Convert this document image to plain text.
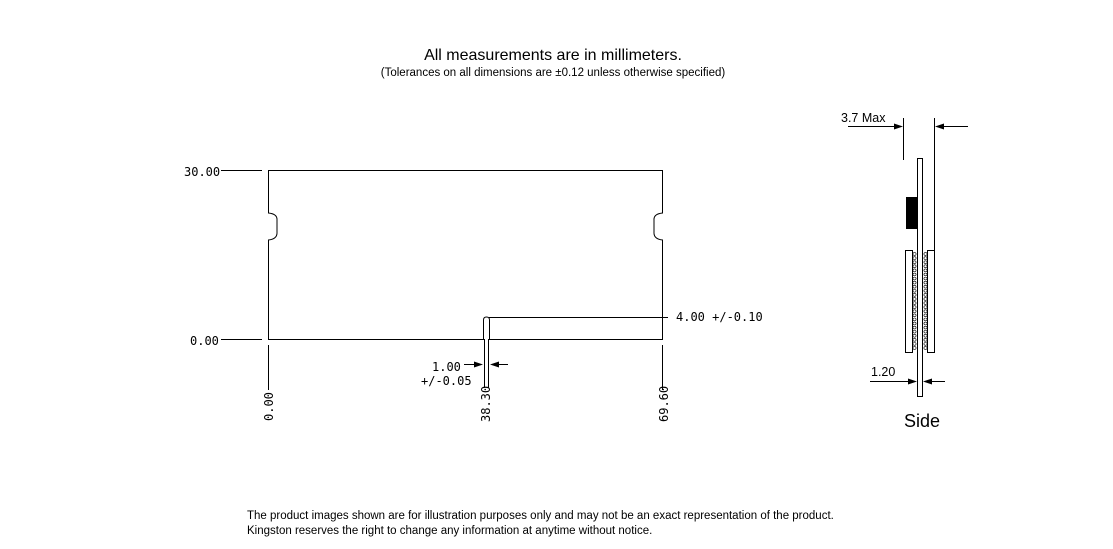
All measurements are in millimeters.
(Tolerances on all dimensions are ±0.12 unless otherwise specified)
30.00
0.00
0.00	38.30	69.60
4.00 +/-0.10
1.00
+/-0.05
3.7 Max
1.20
Side
The product images shown are for illustration purposes only and may not be an exact representation of the product.
Kingston reserves the right to change any information at anytime without notice.
